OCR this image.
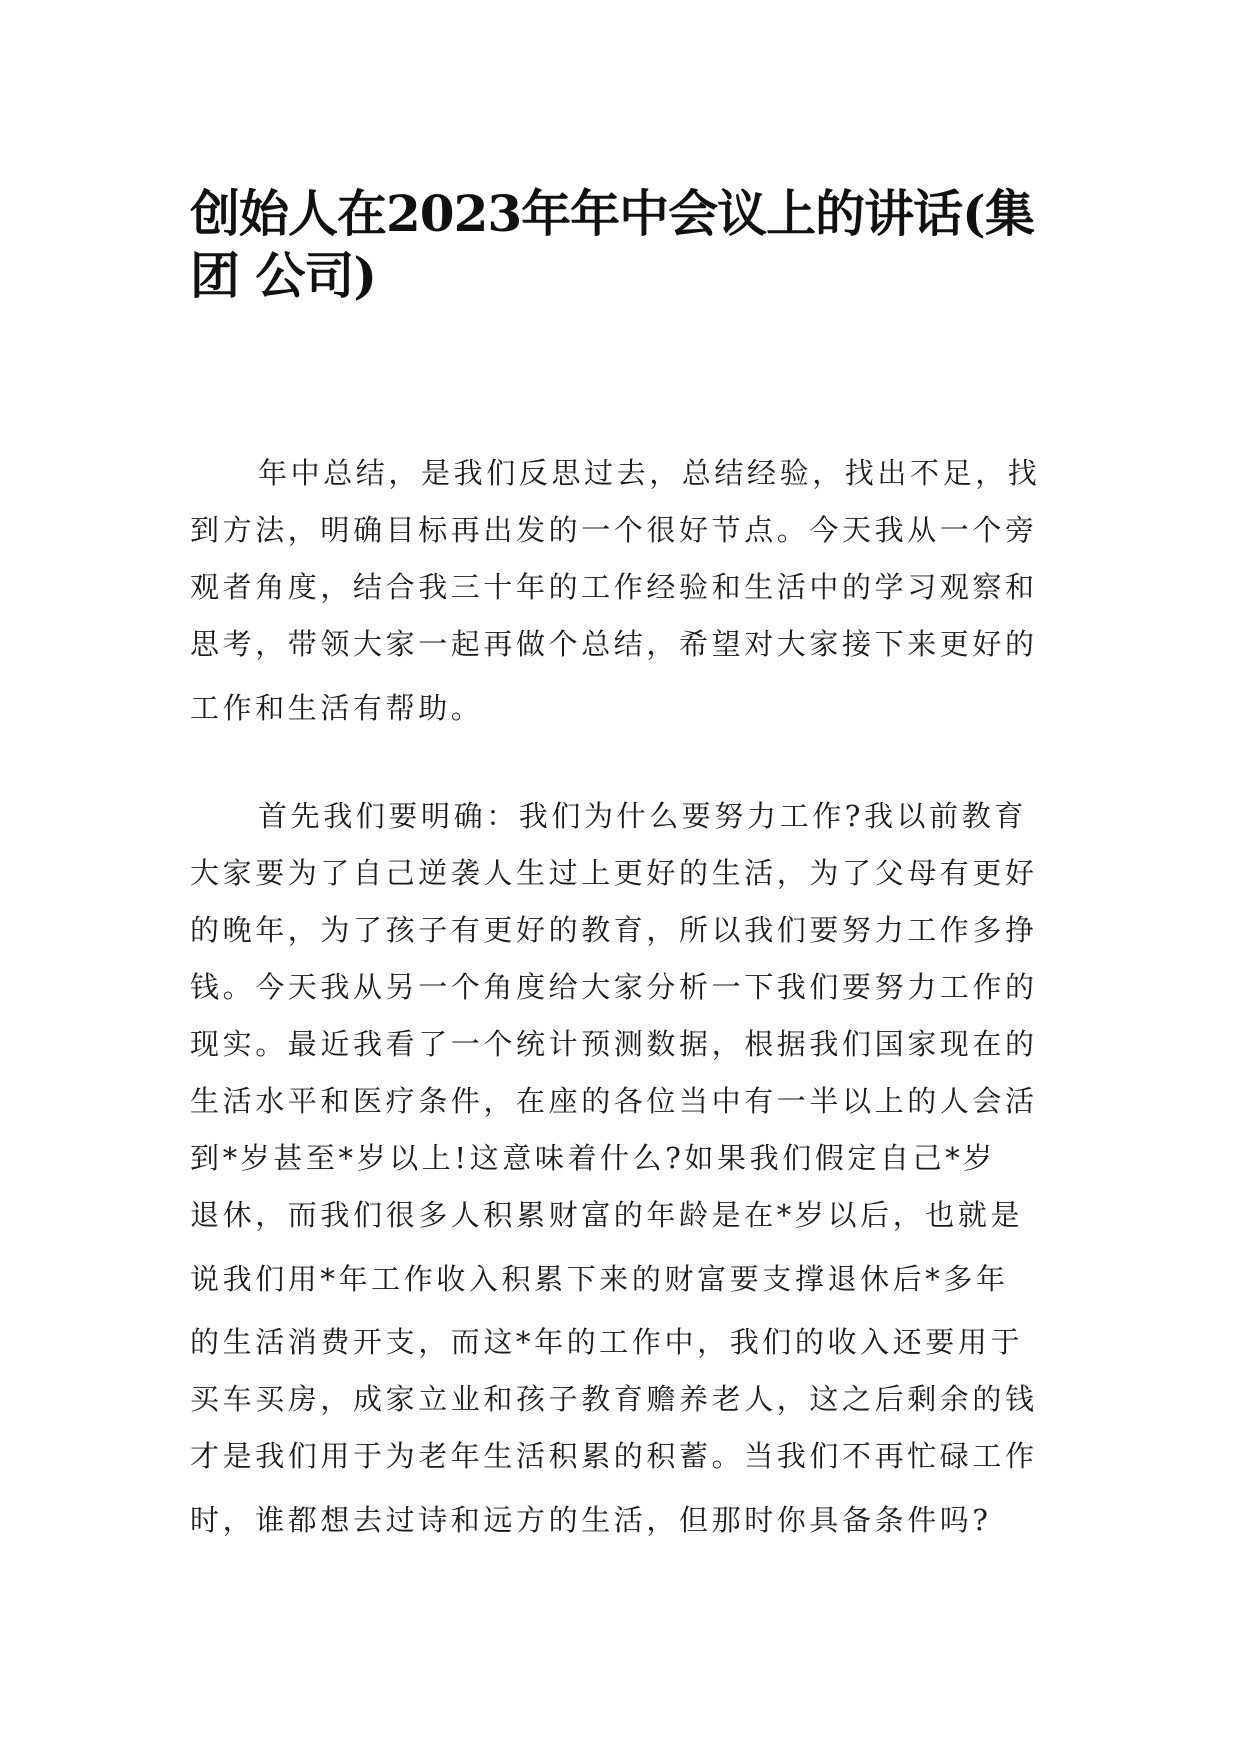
创始人在2023年年中会议上的讲话(集
团 公司)
年中总结，是我们反思过去，总结经验，找出不足，找
到方法，明确目标再出发的一个很好节点。今天我从一个旁
观者角度，结合我三十年的工作经验和生活中的学习观察和
思考，带领大家一起再做个总结，希望对大家接下来更好的
工作和生活有帮助。
首先我们要明确：我们为什么要努力工作?我以前教育
大家要为了自己逆袭人生过上更好的生活，为了父母有更好
的晚年，为了孩子有更好的教育，所以我们要努力工作多挣
钱。今天我从另一个角度给大家分析一下我们要努力工作的
现实。最近我看了一个统计预测数据，根据我们国家现在的
生活水平和医疗条件，在座的各位当中有一半以上的人会活
到*岁甚至*岁以上!这意味着什么?如果我们假定自己*岁
退休，而我们很多人积累财富的年龄是在*岁以后，也就是
说我们用*年工作收入积累下来的财富要支撑退休后*多年
的生活消费开支，而这*年的工作中，我们的收入还要用于
买车买房，成家立业和孩子教育赡养老人，这之后剩余的钱
才是我们用于为老年生活积累的积蓄。当我们不再忙碌工作
时，谁都想去过诗和远方的生活，但那时你具备条件吗?
